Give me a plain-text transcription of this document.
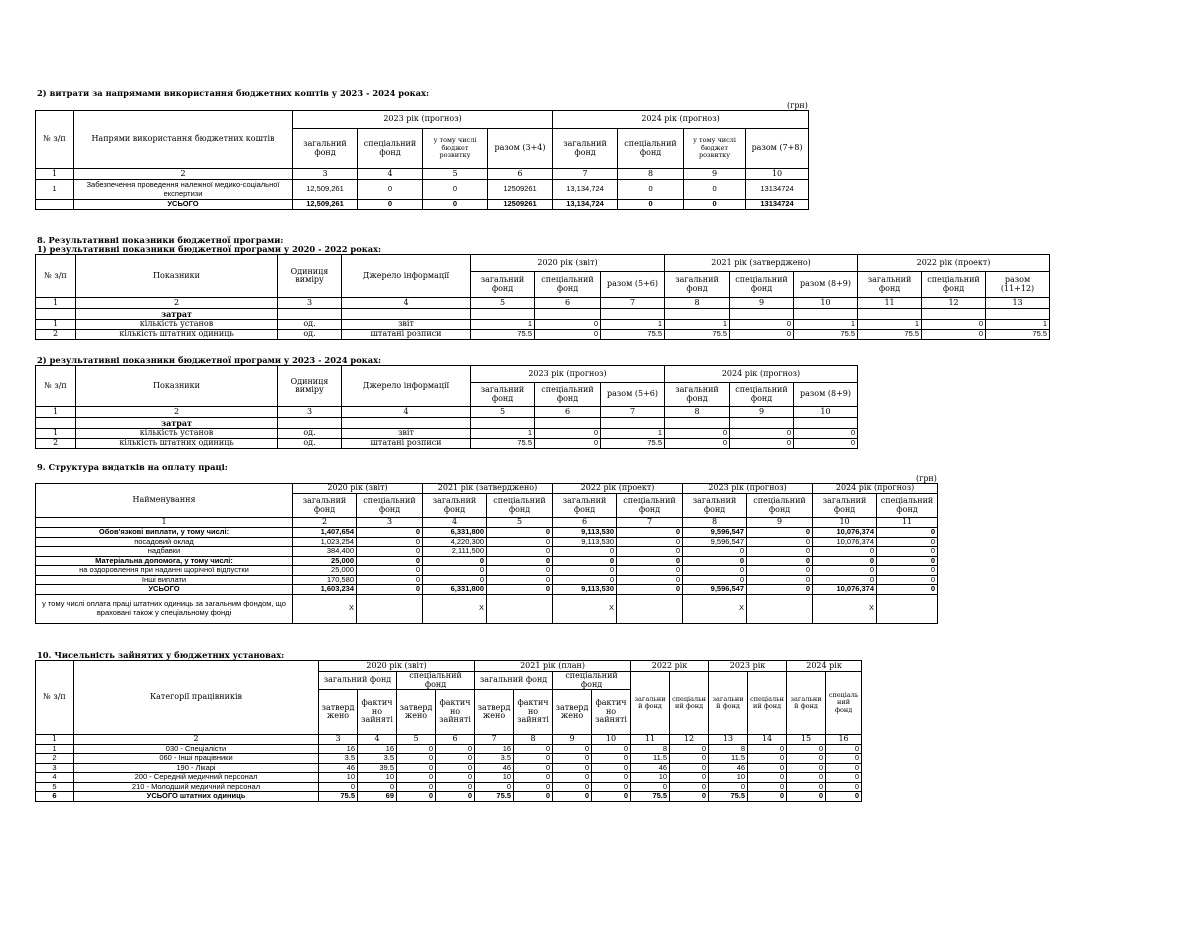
2) витрати за напрямами використання бюджетних коштів у 2023 - 2024 роках:
(грн)
№ з/п	Напрями використання бюджетних коштів	2023 рік (прогноз)				2024 рік (прогноз)			
		загальний фонд	спеціальний фонд	у тому числі бюджет розвитку	разом (3+4)	загальний фонд	спеціальний фонд	у тому числі бюджет розвитку	разом (7+8)
1	2	3	4	5	6	7	8	9	10
1	Забезпечення проведення належної медико-соціальної експертизи	12,509,261	0	0	12509261	13,134,724	0	0	13134724
	УСЬОГО	12,509,261	0	0	12509261	13,134,724	0	0	13134724
8. Результативні показники бюджетної програми:
1) результативні показники бюджетної програми у 2020 - 2022 роках:
№ з/п	Показники	Одиниця виміру	Джерело інформації	2020 рік (звіт)			2021 рік (затверджено)			2022 рік (проект)		
				загальний фонд	спеціальний фонд	разом (5+6)	загальний фонд	спеціальний фонд	разом (8+9)	загальний фонд	спеціальний фонд	разом (11+12)
1	2	3	4	5	6	7	8	9	10	11	12	13
	затрат											
1	кількість установ	од.	звіт	1	0	1	1	0	1	1	0	1
2	кількість штатних одиниць	од.	штатані розписи	75.5	0	75.5	75.5	0	75.5	75.5	0	75.5
2) результативні показники бюджетної програми у 2023 - 2024 роках:
№ з/п	Показники	Одиниця виміру	Джерело інформації	2023 рік (прогноз)			2024 рік (прогноз)		
				загальний фонд	спеціальний фонд	разом (5+6)	загальний фонд	спеціальний фонд	разом (8+9)
1	2	3	4	5	6	7	8	9	10
	затрат								
1	кількість установ	од.	звіт	1	0	1	0	0	0
2	кількість штатних одиниць	од.	штатані розписи	75.5	0	75.5	0	0	0
9. Структура видатків на оплату праці:
(грн)
Найменування	2020 рік (звіт)		2021 рік (затверджено)		2022 рік (проект)		2023 рік (прогноз)		2024 рік (прогноз)	
	загальний фонд	спеціальний фонд	загальний фонд	спеціальний фонд	загальний фонд	спеціальний фонд	загальний фонд	спеціальний фонд	загальний фонд	спеціальний фонд
1	2	3	4	5	6	7	8	9	10	11
Обов'язкові виплати, у тому числі:	1,407,654	0	6,331,800	0	9,113,530	0	9,596,547	0	10,076,374	0
посадовий оклад	1,023,254	0	4,220,300	0	9,113,530	0	9,596,547	0	10,076,374	0
надбавки	384,400	0	2,111,500	0	0	0	0	0	0	0
Матеріальна допомога, у тому числі:	25,000	0	0	0	0	0	0	0	0	0
на оздоровлення при наданні щорічної відпустки	25,000	0	0	0	0	0	0	0	0	0
Інші виплати	170,580	0	0	0	0	0	0	0	0	0
УСЬОГО	1,603,234	0	6,331,800	0	9,113,530	0	9,596,547	0	10,076,374	0
у тому числі оплата праці штатних одиниць за загальним фондом, що враховані також у спеціальному фонді	X		X		X		X		X	
10. Чисельність зайнятих у бюджетних установах:
№ з/п	Категорії працівників	2020 рік (звіт)				2021 рік (план)				2022 рік		2023 рік		2024 рік	
		загальний фонд		спеціальний фонд		загальний фонд		спеціальний фонд		загальний фонд	спеціальний фонд	загальний фонд	спеціальний фонд	загальний фонд	спеціальний фонд
		затверджено	фактично зайняті	затверджено	фактично зайняті	затверджено	фактично зайняті	затверджено	фактично зайняті						
1	2	3	4	5	6	7	8	9	10	11	12	13	14	15	16
1	030 - Спеціалісти	16	16	0	0	16	0	0	0	8	0	8	0	0	0
2	060 - Інші працівники	3.5	3.5	0	0	3.5	0	0	0	11.5	0	11.5	0	0	0
3	190 - Лікарі	46	39.5	0	0	46	0	0	0	46	0	46	0	0	0
4	200 - Середній медичний персонал	10	10	0	0	10	0	0	0	10	0	10	0	0	0
5	210 - Молодший медичний персонал	0	0	0	0	0	0	0	0	0	0	0	0	0	0
6	УСЬОГО штатних одиниць	75.5	69	0	0	75.5	0	0	0	75.5	0	75.5	0	0	0
